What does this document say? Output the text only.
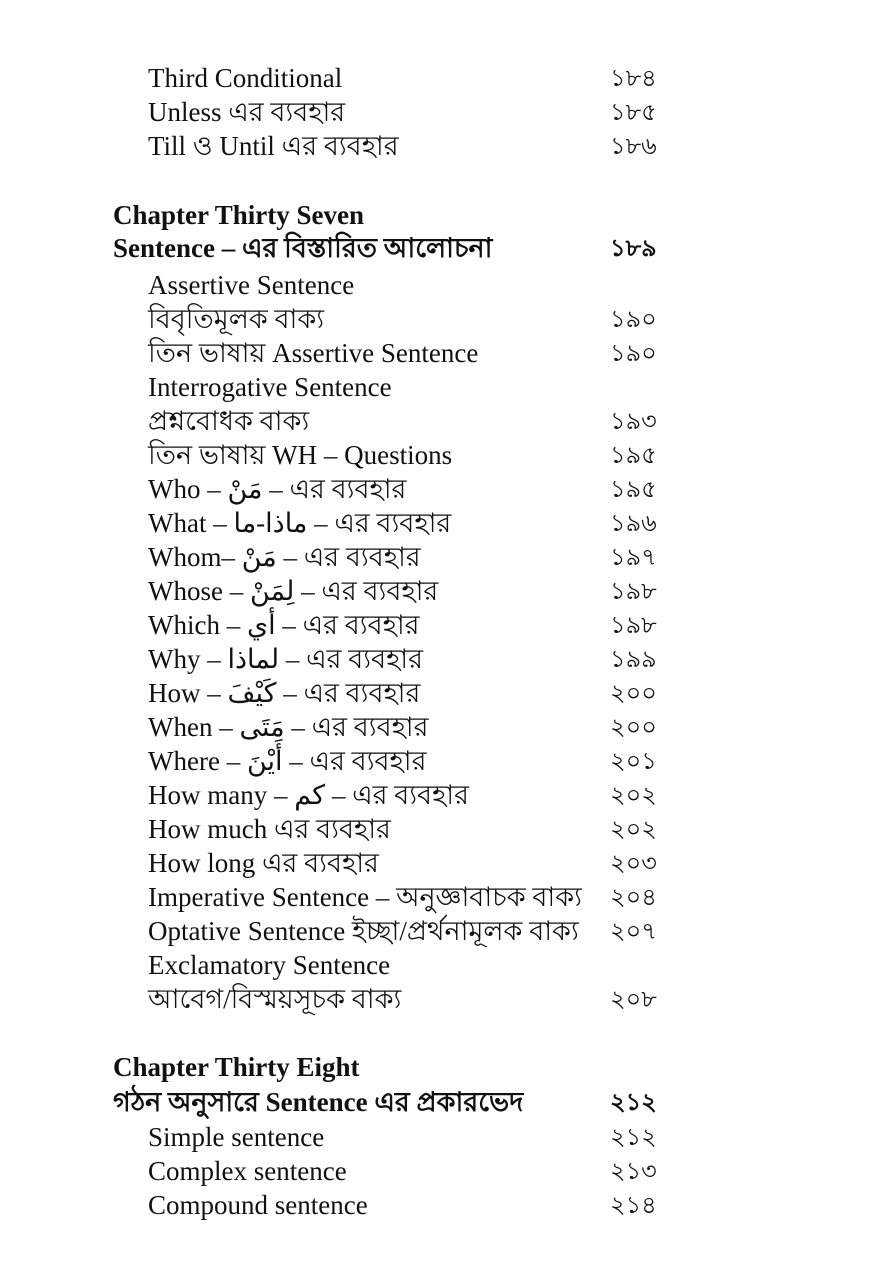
Third Conditional	১৮৪
Unless এর ব্যবহার	১৮৫
Till ও Until এর ব্যবহার	১৮৬
Chapter Thirty Seven
Sentence – এর বিস্তারিত আলোচনা	১৮৯
Assertive Sentence
বিবৃতিমূলক বাক্য	১৯০
তিন ভাষায় Assertive Sentence	১৯০
Interrogative Sentence
প্রশ্নবোধক বাক্য	১৯৩
তিন ভাষায় WH – Questions	১৯৫
Who – مَنْ – এর ব্যবহার	১৯৫
What – ماذا-ما – এর ব্যবহার	১৯৬
Whom– مَنْ – এর ব্যবহার	১৯৭
Whose – لِمَنْ – এর ব্যবহার	১৯৮
Which – أي – এর ব্যবহার	১৯৮
Why – لماذا – এর ব্যবহার	১৯৯
How – كَيْفَ – এর ব্যবহার	২০০
When – مَتَى – এর ব্যবহার	২০০
Where – أَيْنَ – এর ব্যবহার	২০১
How many – كم – এর ব্যবহার	২০২
How much এর ব্যবহার	২০২
How long এর ব্যবহার	২০৩
Imperative Sentence – অনুজ্ঞাবাচক বাক্য ২০৪
Optative Sentence ইচ্ছা/প্রর্থনামূলক বাক্য ২০৭
Exclamatory Sentence
আবেগ/বিস্ময়সূচক বাক্য	২০৮
Chapter Thirty Eight
গঠন অনুসারে Sentence এর প্রকারভেদ	২১২
Simple sentence	২১২
Complex sentence	২১৩
Compound sentence	২১৪
